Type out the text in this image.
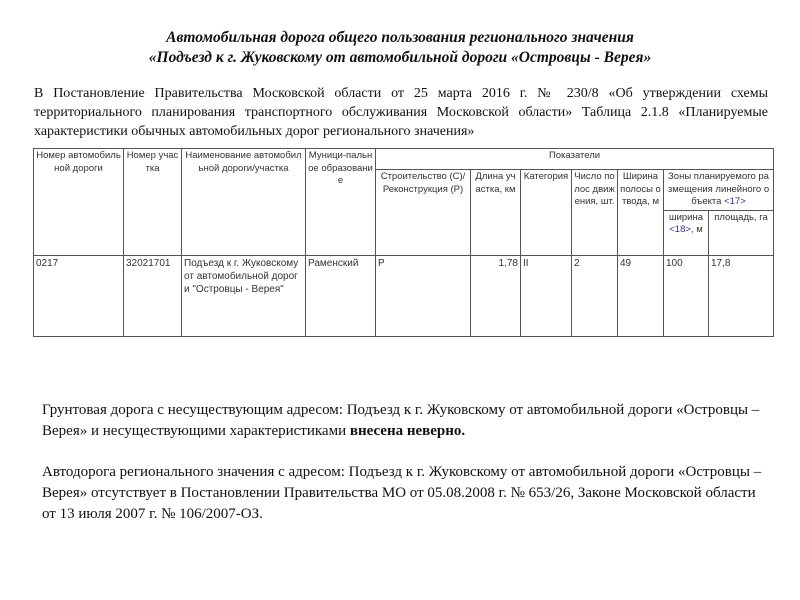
Автомобильная дорога общего пользования регионального значения
«Подъезд к г. Жуковскому от автомобильной дороги «Островцы - Верея»
В Постановление Правительства Московской области от 25 марта 2016 г. № 230/8 «Об утверждении схемы территориального планирования транспортного обслуживания Московской области» Таблица 2.1.8 «Планируемые характеристики обычных автомобильных дорог регионального значения»
Номер автомобильной дороги	Номер участка	Наименование автомобильной дороги/участка	Муници-пальное образование	Показатели						
				Строительство (С)/Реконструкция (Р)	Длина участка, км	Категория	Число полос движения, шт.	Ширина полосы отвода, м	Зоны планируемого размещения линейного объекта <17>	
									ширина <18>, м	площадь, га
0217	32021701	Подъезд к г. Жуковскому от автомобильной дороги "Островцы - Верея"	Раменский	Р	1,78	II	2	49	100	17,8
Грунтовая дорога с несуществующим адресом: Подъезд к г. Жуковскому от автомобильной дороги «Островцы – Верея» и несуществующими характеристиками внесена неверно.
Автодорога регионального значения с адресом: Подъезд к г. Жуковскому от автомобильной дороги «Островцы – Верея» отсутствует в Постановлении Правительства МО от 05.08.2008 г. № 653/26, Законе Московской области от 13 июля 2007 г. № 106/2007-ОЗ.
